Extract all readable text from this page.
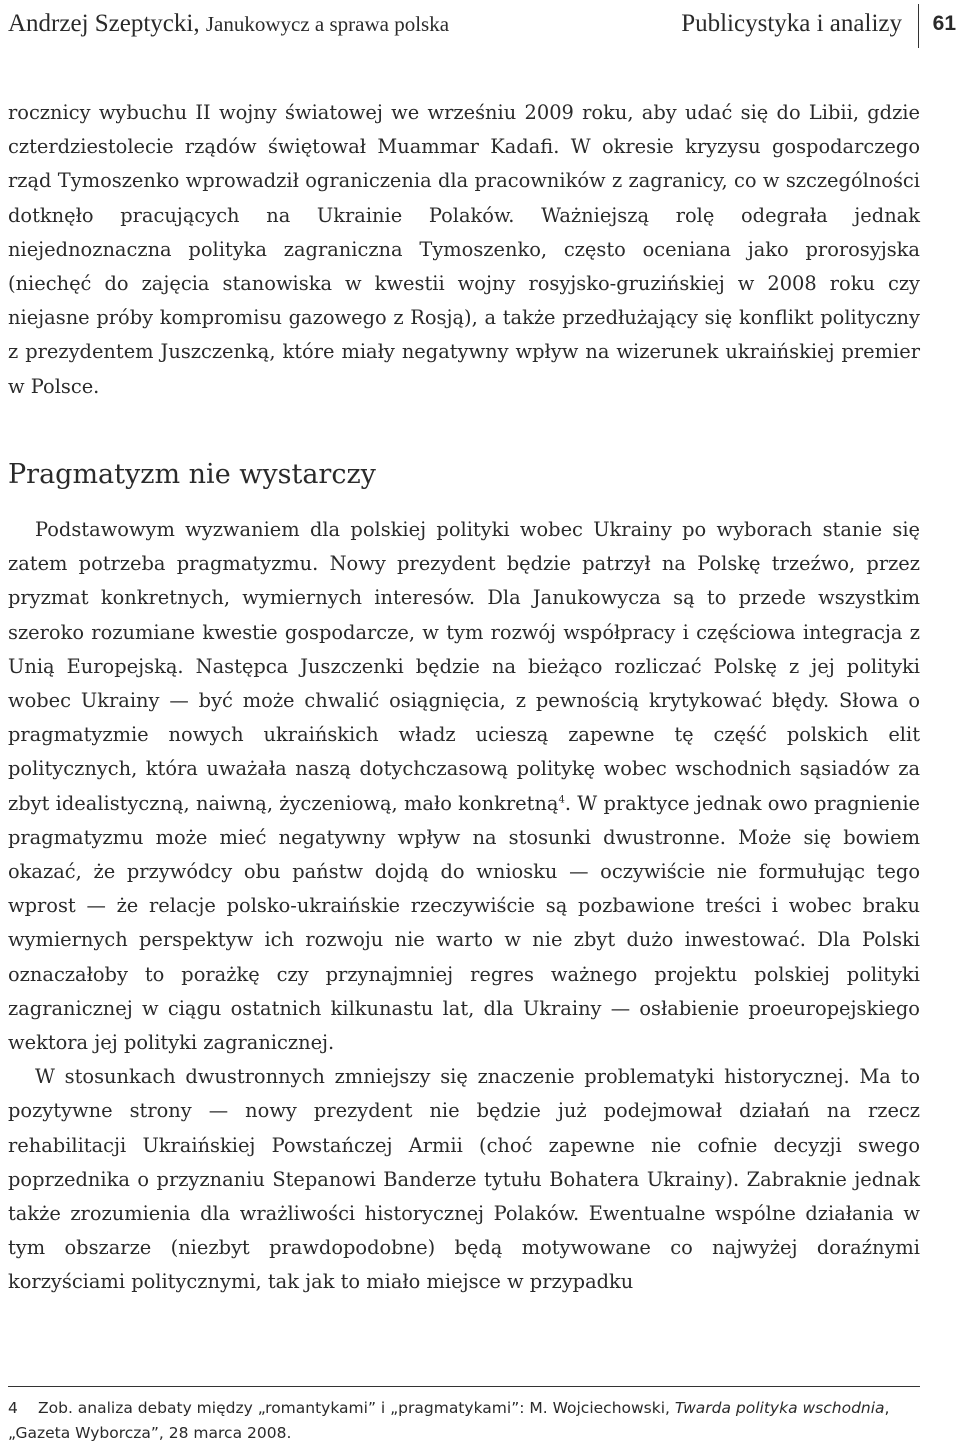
Andrzej Szeptycki, Janukowycz a sprawa polska	Publicystyka i analizy	61

rocznicy wybuchu II wojny światowej we wrześniu 2009 roku, aby udać się do Libii, gdzie czterdziestolecie rządów świętował Muammar Kadafi. W okresie kryzysu gospodarczego rząd Tymoszenko wprowadził ograniczenia dla pracowników z zagranicy, co w szczególności dotknęło pracujących na Ukrainie Polaków. Ważniejszą rolę odegrała jednak niejednoznaczna polityka zagraniczna Tymoszenko, często oceniana jako prorosyjska (niechęć do zajęcia stanowiska w kwestii wojny rosyjsko-gruzińskiej w 2008 roku czy niejasne próby kompromisu gazowego z Rosją), a także przedłużający się konflikt polityczny z prezydentem Juszczenką, które miały negatywny wpływ na wizerunek ukraińskiej premier w Polsce.

Pragmatyzm nie wystarczy
Podstawowym wyzwaniem dla polskiej polityki wobec Ukrainy po wyborach stanie się zatem potrzeba pragmatyzmu. Nowy prezydent będzie patrzył na Polskę trzeźwo, przez pryzmat konkretnych, wymiernych interesów. Dla Janukowycza są to przede wszystkim szeroko rozumiane kwestie gospodarcze, w tym rozwój współpracy i częściowa integracja z Unią Europejską. Następca Juszczenki będzie na bieżąco rozliczać Polskę z jej polityki wobec Ukrainy — być może chwalić osiągnięcia, z pewnością krytykować błędy. Słowa o pragmatyzmie nowych ukraińskich władz ucieszą zapewne tę część polskich elit politycznych, która uważała naszą dotychczasową politykę wobec wschodnich sąsiadów za zbyt idealistyczną, naiwną, życzeniową, mało konkretną$^4$. W praktyce jednak owo pragnienie pragmatyzmu może mieć negatywny wpływ na stosunki dwustronne. Może się bowiem okazać, że przywódcy obu państw dojdą do wniosku — oczywiście nie formułując tego wprost — że relacje polsko-ukraińskie rzeczywiście są pozbawione treści i wobec braku wymiernych perspektyw ich rozwoju nie warto w nie zbyt dużo inwestować. Dla Polski oznaczałoby to porażkę czy przynajmniej regres ważnego projektu polskiej polityki zagranicznej w ciągu ostatnich kilkunastu lat, dla Ukrainy — osłabienie proeuropejskiego wektora jej polityki zagranicznej.

W stosunkach dwustronnych zmniejszy się znaczenie problematyki historycznej. Ma to pozytywne strony — nowy prezydent nie będzie już podejmował działań na rzecz rehabilitacji Ukraińskiej Powstańczej Armii (choć zapewne nie cofnie decyzji swego poprzednika o przyznaniu Stepanowi Banderze tytułu Bohatera Ukrainy). Zabraknie jednak także zrozumienia dla wrażliwości historycznej Polaków. Ewentualne wspólne działania w tym obszarze (niezbyt prawdopodobne) będą motywowane co najwyżej doraźnymi korzyściami politycznymi, tak jak to miało miejsce w przypadku

4 Zob. analiza debaty między „romantykami” i „pragmatykami”: M. Wojciechowski, Twarda polityka wschodnia, „Gazeta Wyborcza”, 28 marca 2008.
